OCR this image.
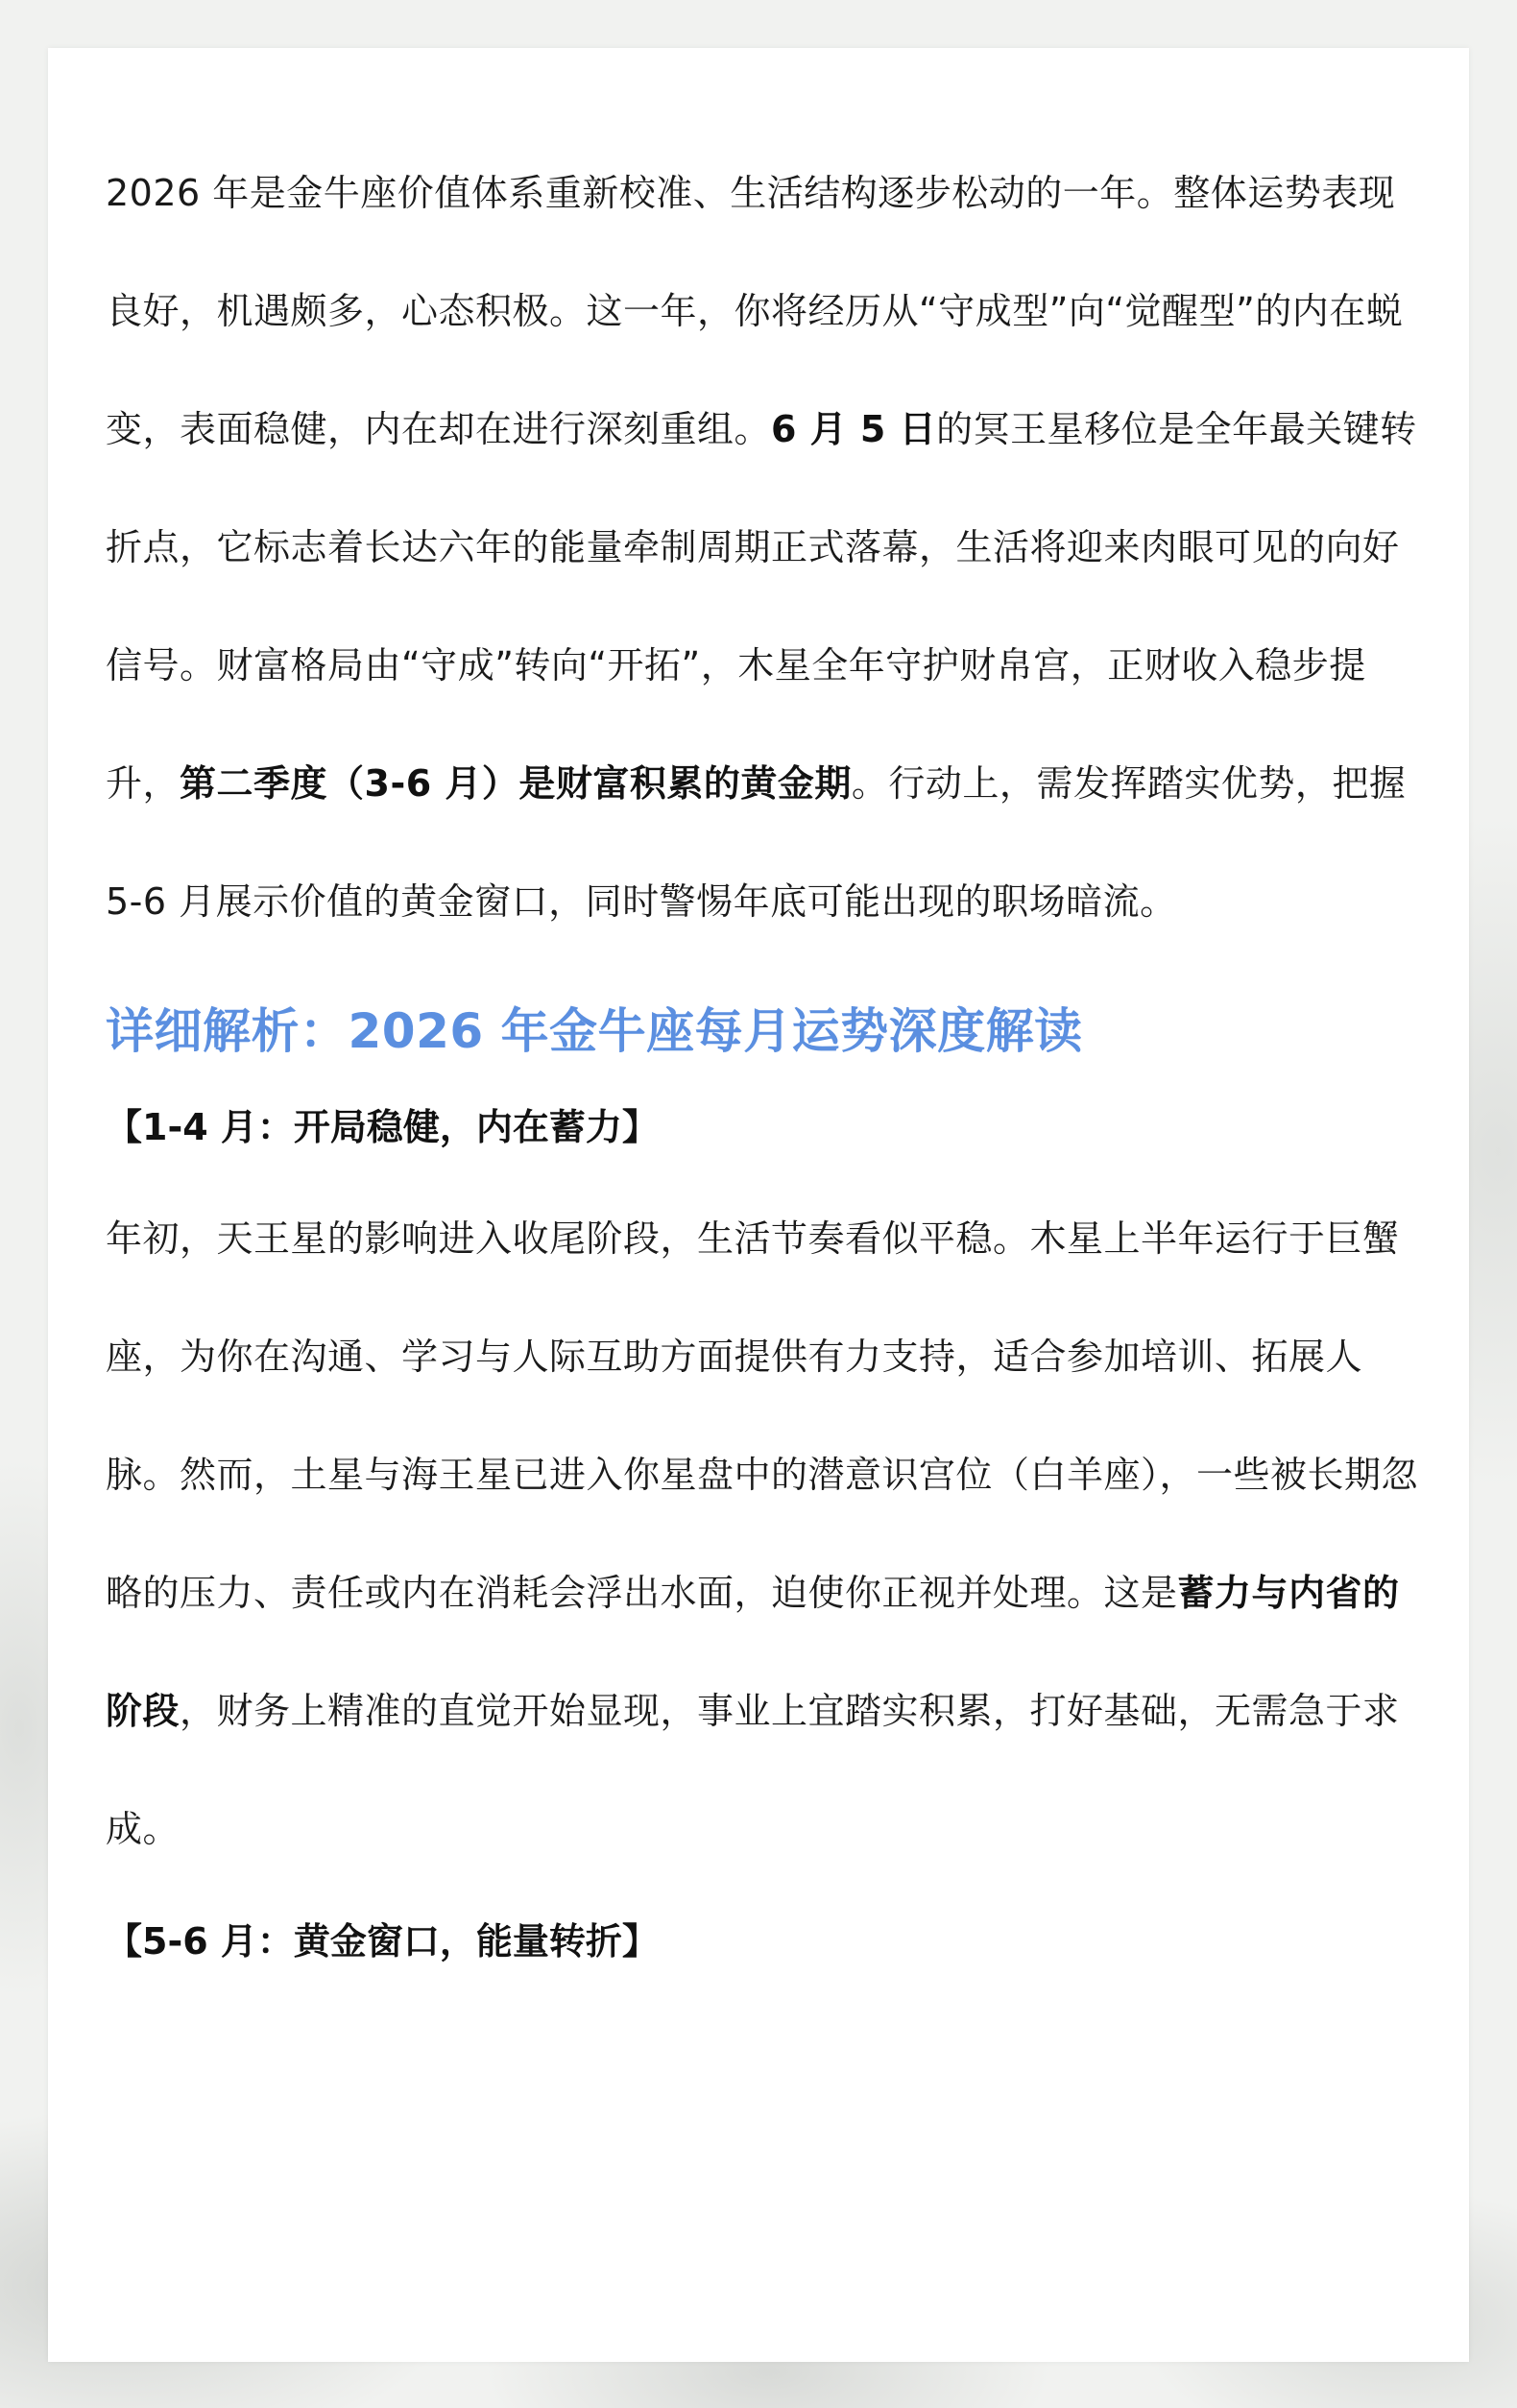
2026 年是金牛座价值体系重新校准、生活结构逐步松动的一年。整体运势表现良好，机遇颇多，心态积极。这一年，你将经历从“守成型”向“觉醒型”的内在蜕变，表面稳健，内在却在进行深刻重组。6 月 5 日的冥王星移位是全年最关键转折点，它标志着长达六年的能量牵制周期正式落幕，生活将迎来肉眼可见的向好信号。财富格局由“守成”转向“开拓”，木星全年守护财帛宫，正财收入稳步提升，第二季度（3-6 月）是财富积累的黄金期。行动上，需发挥踏实优势，把握 5-6 月展示价值的黄金窗口，同时警惕年底可能出现的职场暗流。

详细解析：2026 年金牛座每月运势深度解读
【1-4 月：开局稳健，内在蓄力】

年初，天王星的影响进入收尾阶段，生活节奏看似平稳。木星上半年运行于巨蟹座，为你在沟通、学习与人际互助方面提供有力支持，适合参加培训、拓展人脉。然而，土星与海王星已进入你星盘中的潜意识宫位（白羊座），一些被长期忽略的压力、责任或内在消耗会浮出水面，迫使你正视并处理。这是蓄力与内省的阶段，财务上精准的直觉开始显现，事业上宜踏实积累，打好基础，无需急于求成。

【5-6 月：黄金窗口，能量转折】
